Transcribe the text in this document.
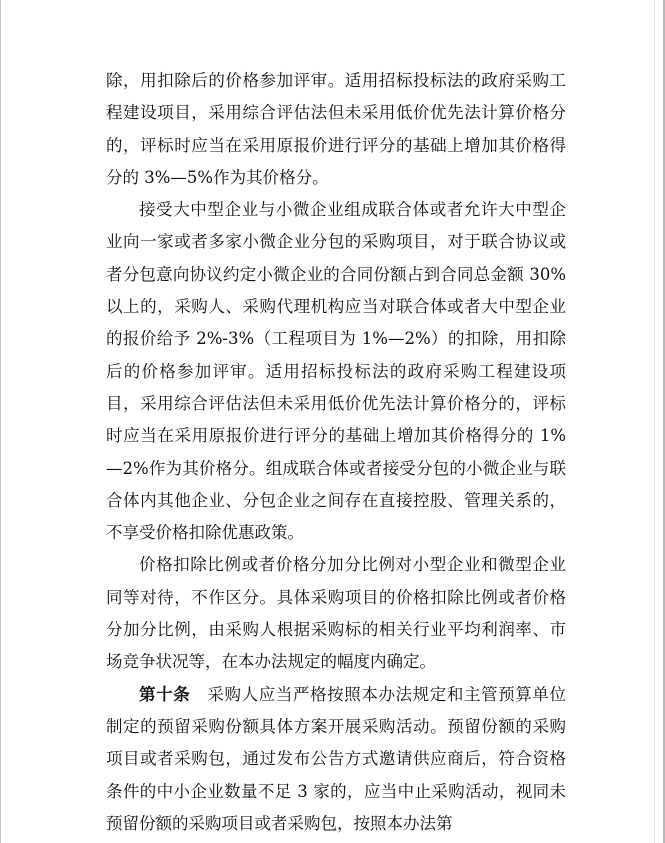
除，用扣除后的价格参加评审。适用招标投标法的政府采购工程建设项目，采用综合评估法但未采用低价优先法计算价格分的，评标时应当在采用原报价进行评分的基础上增加其价格得分的 3%—5%作为其价格分。

接受大中型企业与小微企业组成联合体或者允许大中型企业向一家或者多家小微企业分包的采购项目，对于联合协议或者分包意向协议约定小微企业的合同份额占到合同总金额 30%以上的，采购人、采购代理机构应当对联合体或者大中型企业的报价给予 2%-3%（工程项目为 1%—2%）的扣除，用扣除后的价格参加评审。适用招标投标法的政府采购工程建设项目，采用综合评估法但未采用低价优先法计算价格分的，评标时应当在采用原报价进行评分的基础上增加其价格得分的 1%—2%作为其价格分。组成联合体或者接受分包的小微企业与联合体内其他企业、分包企业之间存在直接控股、管理关系的，不享受价格扣除优惠政策。

价格扣除比例或者价格分加分比例对小型企业和微型企业同等对待，不作区分。具体采购项目的价格扣除比例或者价格分加分比例，由采购人根据采购标的相关行业平均利润率、市场竞争状况等，在本办法规定的幅度内确定。

第十条　采购人应当严格按照本办法规定和主管预算单位制定的预留采购份额具体方案开展采购活动。预留份额的采购项目或者采购包，通过发布公告方式邀请供应商后，符合资格条件的中小企业数量不足 3 家的，应当中止采购活动，视同未预留份额的采购项目或者采购包，按照本办法第
